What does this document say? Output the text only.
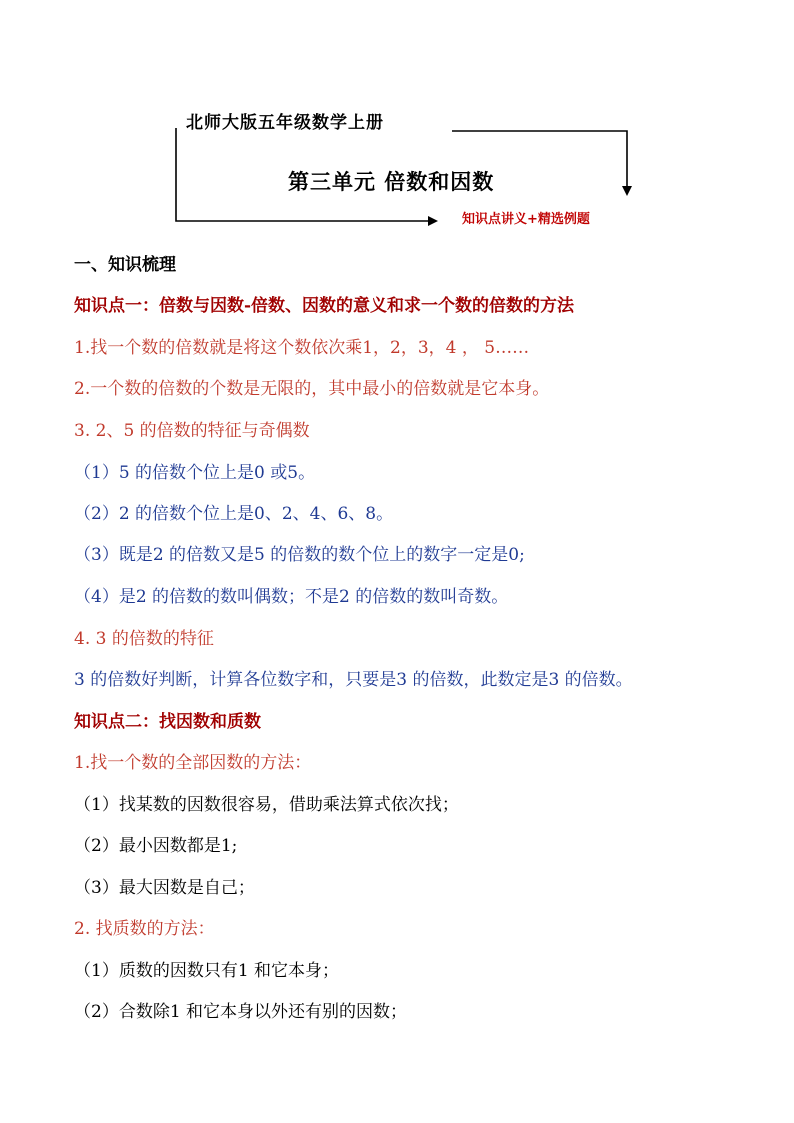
北师大版五年级数学上册
第三单元 倍数和因数
知识点讲义+精选例题
一、知识梳理
知识点一：倍数与因数-倍数、因数的意义和求一个数的倍数的方法
1.找一个数的倍数就是将这个数依次乘1，2，3，4 ， 5……
2.一个数的倍数的个数是无限的，其中最小的倍数就是它本身。
3. 2、5 的倍数的特征与奇偶数
（1）5 的倍数个位上是0 或5。
（2）2 的倍数个位上是0、2、4、6、8。
（3）既是2 的倍数又是5 的倍数的数个位上的数字一定是0;
（4）是2 的倍数的数叫偶数；不是2 的倍数的数叫奇数。
4. 3 的倍数的特征
3 的倍数好判断，计算各位数字和，只要是3 的倍数，此数定是3 的倍数。
知识点二：找因数和质数
1.找一个数的全部因数的方法：
（1）找某数的因数很容易，借助乘法算式依次找；
（2）最小因数都是1;
（3）最大因数是自己；
2. 找质数的方法：
（1）质数的因数只有1 和它本身；
（2）合数除1 和它本身以外还有别的因数；
